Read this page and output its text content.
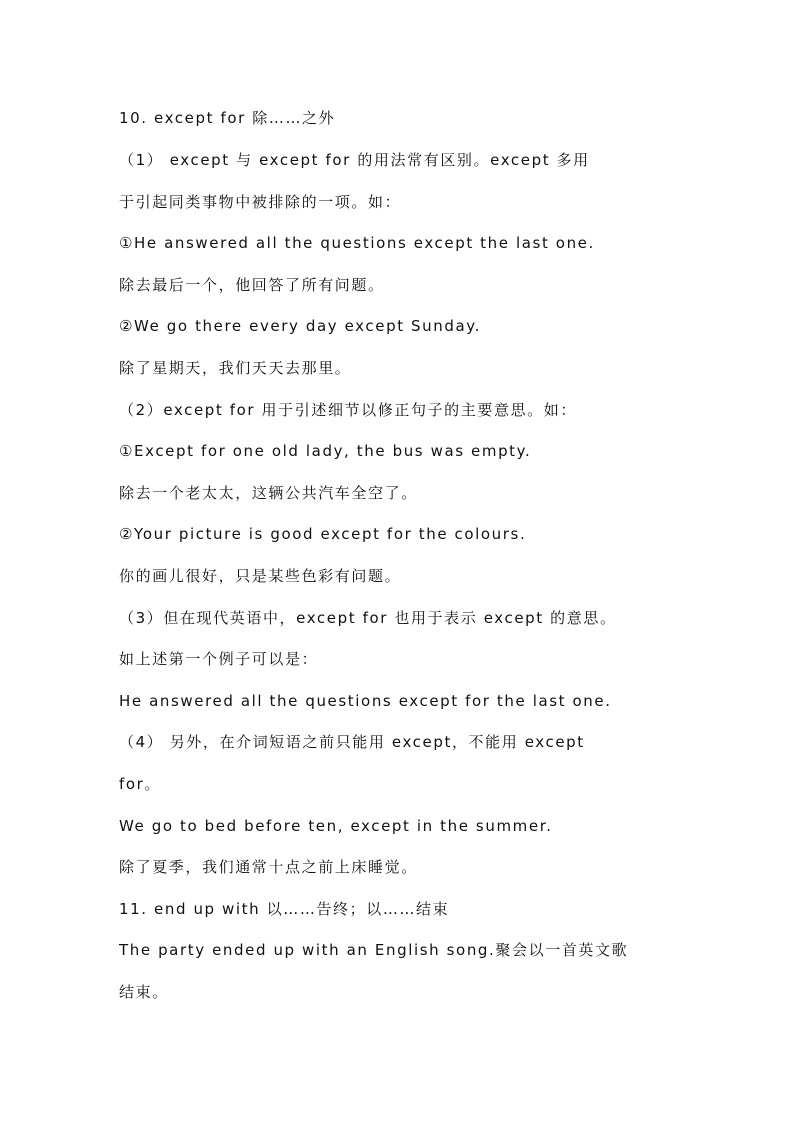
10. except for 除……之外
（1） except 与 except for 的用法常有区别。except 多用
于引起同类事物中被排除的一项。如：
①He answered all the questions except the last one.
除去最后一个，他回答了所有问题。
②We go there every day except Sunday.
除了星期天，我们天天去那里。
（2）except for 用于引述细节以修正句子的主要意思。如：
①Except for one old lady, the bus was empty.
除去一个老太太，这辆公共汽车全空了。
②Your picture is good except for the colours.
你的画儿很好，只是某些色彩有问题。
（3）但在现代英语中，except for 也用于表示 except 的意思。
如上述第一个例子可以是：
He answered all the questions except for the last one.
（4） 另外，在介词短语之前只能用 except，不能用 except
for。
We go to bed before ten, except in the summer.
除了夏季，我们通常十点之前上床睡觉。
11. end up with 以……告终；以……结束
The party ended up with an English song.聚会以一首英文歌
结束。
